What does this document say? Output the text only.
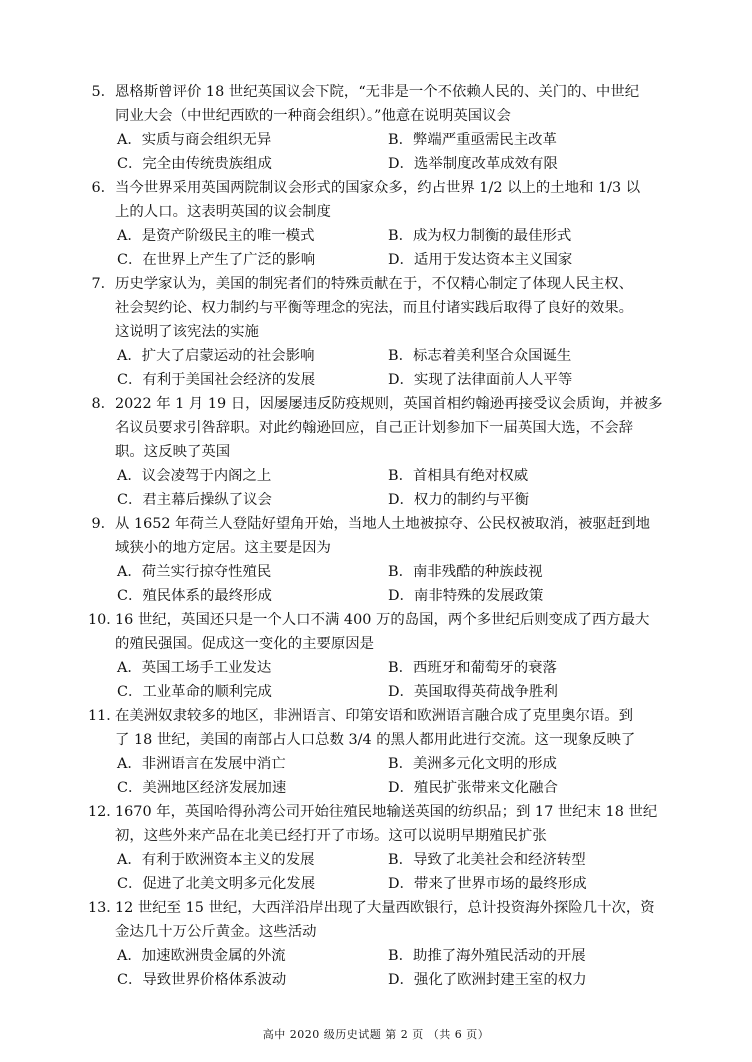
5．恩格斯曾评价 18 世纪英国议会下院，“无非是一个不依赖人民的、关门的、中世纪
同业大会（中世纪西欧的一种商会组织）。”他意在说明英国议会
A．实质与商会组织无异	B．弊端严重亟需民主改革
C．完全由传统贵族组成	D．选举制度改革成效有限
6．当今世界采用英国两院制议会形式的国家众多，约占世界 1∕2 以上的土地和 1/3 以
上的人口。这表明英国的议会制度
A．是资产阶级民主的唯一模式	B．成为权力制衡的最佳形式
C．在世界上产生了广泛的影响	D．适用于发达资本主义国家
7．历史学家认为，美国的制宪者们的特殊贡献在于，不仅精心制定了体现人民主权、
社会契约论、权力制约与平衡等理念的宪法，而且付诸实践后取得了良好的效果。
这说明了该宪法的实施
A．扩大了启蒙运动的社会影响	B．标志着美利坚合众国诞生
C．有利于美国社会经济的发展	D．实现了法律面前人人平等
8．2022 年 1 月 19 日，因屡屡违反防疫规则，英国首相约翰逊再接受议会质询，并被多
名议员要求引咎辞职。对此约翰逊回应，自己正计划参加下一届英国大选，不会辞
职。这反映了英国
A．议会凌驾于内阁之上	B．首相具有绝对权威
C．君主幕后操纵了议会	D．权力的制约与平衡
9．从 1652 年荷兰人登陆好望角开始，当地人土地被掠夺、公民权被取消，被驱赶到地
域狭小的地方定居。这主要是因为
A．荷兰实行掠夺性殖民	B．南非残酷的种族歧视
C．殖民体系的最终形成	D．南非特殊的发展政策
10．16 世纪，英国还只是一个人口不满 400 万的岛国，两个多世纪后则变成了西方最大
的殖民强国。促成这一变化的主要原因是
A．英国工场手工业发达	B．西班牙和葡萄牙的衰落
C．工业革命的顺利完成	D．英国取得英荷战争胜利
11．在美洲奴隶较多的地区，非洲语言、印第安语和欧洲语言融合成了克里奥尔语。到
了 18 世纪，美国的南部占人口总数 3/4 的黑人都用此进行交流。这一现象反映了
A．非洲语言在发展中消亡	B．美洲多元化文明的形成
C．美洲地区经济发展加速	D．殖民扩张带来文化融合
12．1670 年，英国哈得孙湾公司开始往殖民地输送英国的纺织品；到 17 世纪末 18 世纪
初，这些外来产品在北美已经打开了市场。这可以说明早期殖民扩张
A．有利于欧洲资本主义的发展	B．导致了北美社会和经济转型
C．促进了北美文明多元化发展	D．带来了世界市场的最终形成
13．12 世纪至 15 世纪，大西洋沿岸出现了大量西欧银行，总计投资海外探险几十次，资
金达几十万公斤黄金。这些活动
A．加速欧洲贵金属的外流	B．助推了海外殖民活动的开展
C．导致世界价格体系波动	D．强化了欧洲封建王室的权力
高中 2020 级历史试题 第 2 页 （共 6 页）
